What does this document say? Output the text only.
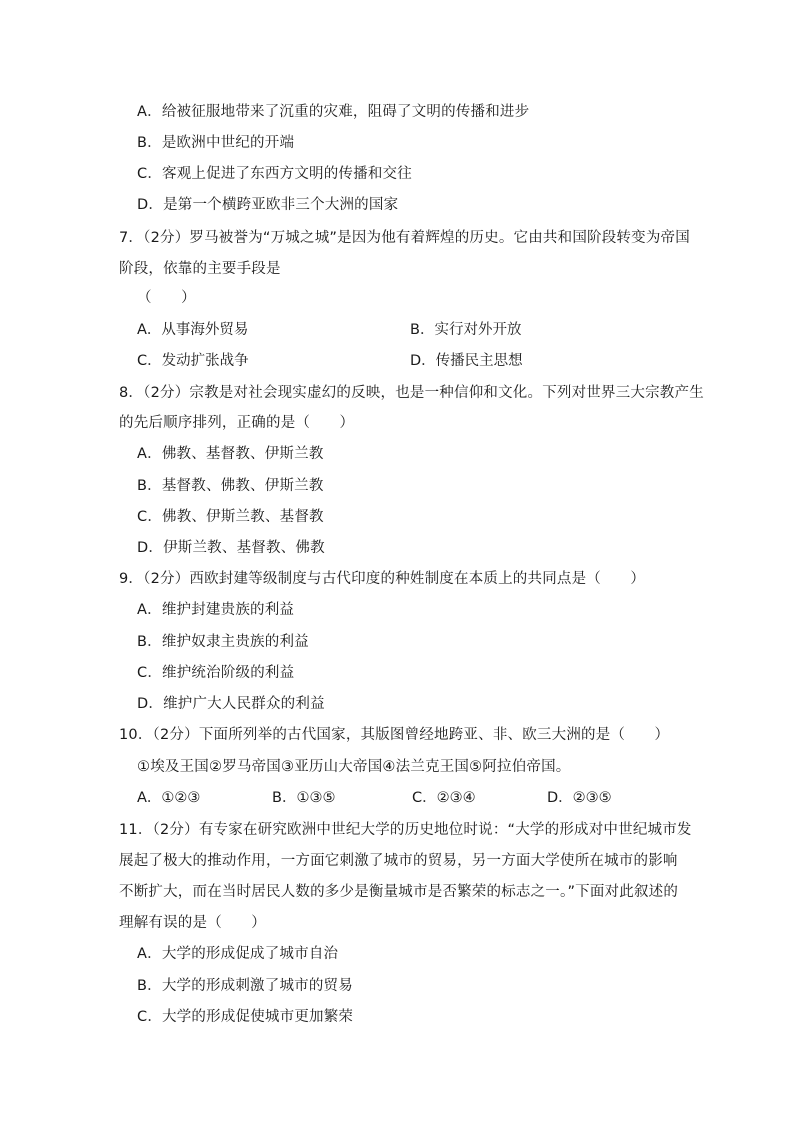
A．给被征服地带来了沉重的灾难，阻碍了文明的传播和进步
B．是欧洲中世纪的开端
C．客观上促进了东西方文明的传播和交往
D．是第一个横跨亚欧非三个大洲的国家
7．（2分）罗马被誉为“万城之城”是因为他有着辉煌的历史。它由共和国阶段转变为帝国
阶段，依靠的主要手段是
（　　）
A．从事海外贸易	B．实行对外开放
C．发动扩张战争	D．传播民主思想
8．（2分）宗教是对社会现实虚幻的反映，也是一种信仰和文化。下列对世界三大宗教产生
的先后顺序排列，正确的是（　　）
A．佛教、基督教、伊斯兰教
B．基督教、佛教、伊斯兰教
C．佛教、伊斯兰教、基督教
D．伊斯兰教、基督教、佛教
9．（2分）西欧封建等级制度与古代印度的种姓制度在本质上的共同点是（　　）
A．维护封建贵族的利益
B．维护奴隶主贵族的利益
C．维护统治阶级的利益
D．维护广大人民群众的利益
10．（2分）下面所列举的古代国家，其版图曾经地跨亚、非、欧三大洲的是（　　）
①埃及王国②罗马帝国③亚历山大帝国④法兰克王国⑤阿拉伯帝国。
A．①②③	B．①③⑤	C．②③④	D．②③⑤
11．（2分）有专家在研究欧洲中世纪大学的历史地位时说：“大学的形成对中世纪城市发
展起了极大的推动作用，一方面它刺激了城市的贸易，另一方面大学使所在城市的影响
不断扩大，而在当时居民人数的多少是衡量城市是否繁荣的标志之一。”下面对此叙述的
理解有误的是（　　）
A．大学的形成促成了城市自治
B．大学的形成刺激了城市的贸易
C．大学的形成促使城市更加繁荣
